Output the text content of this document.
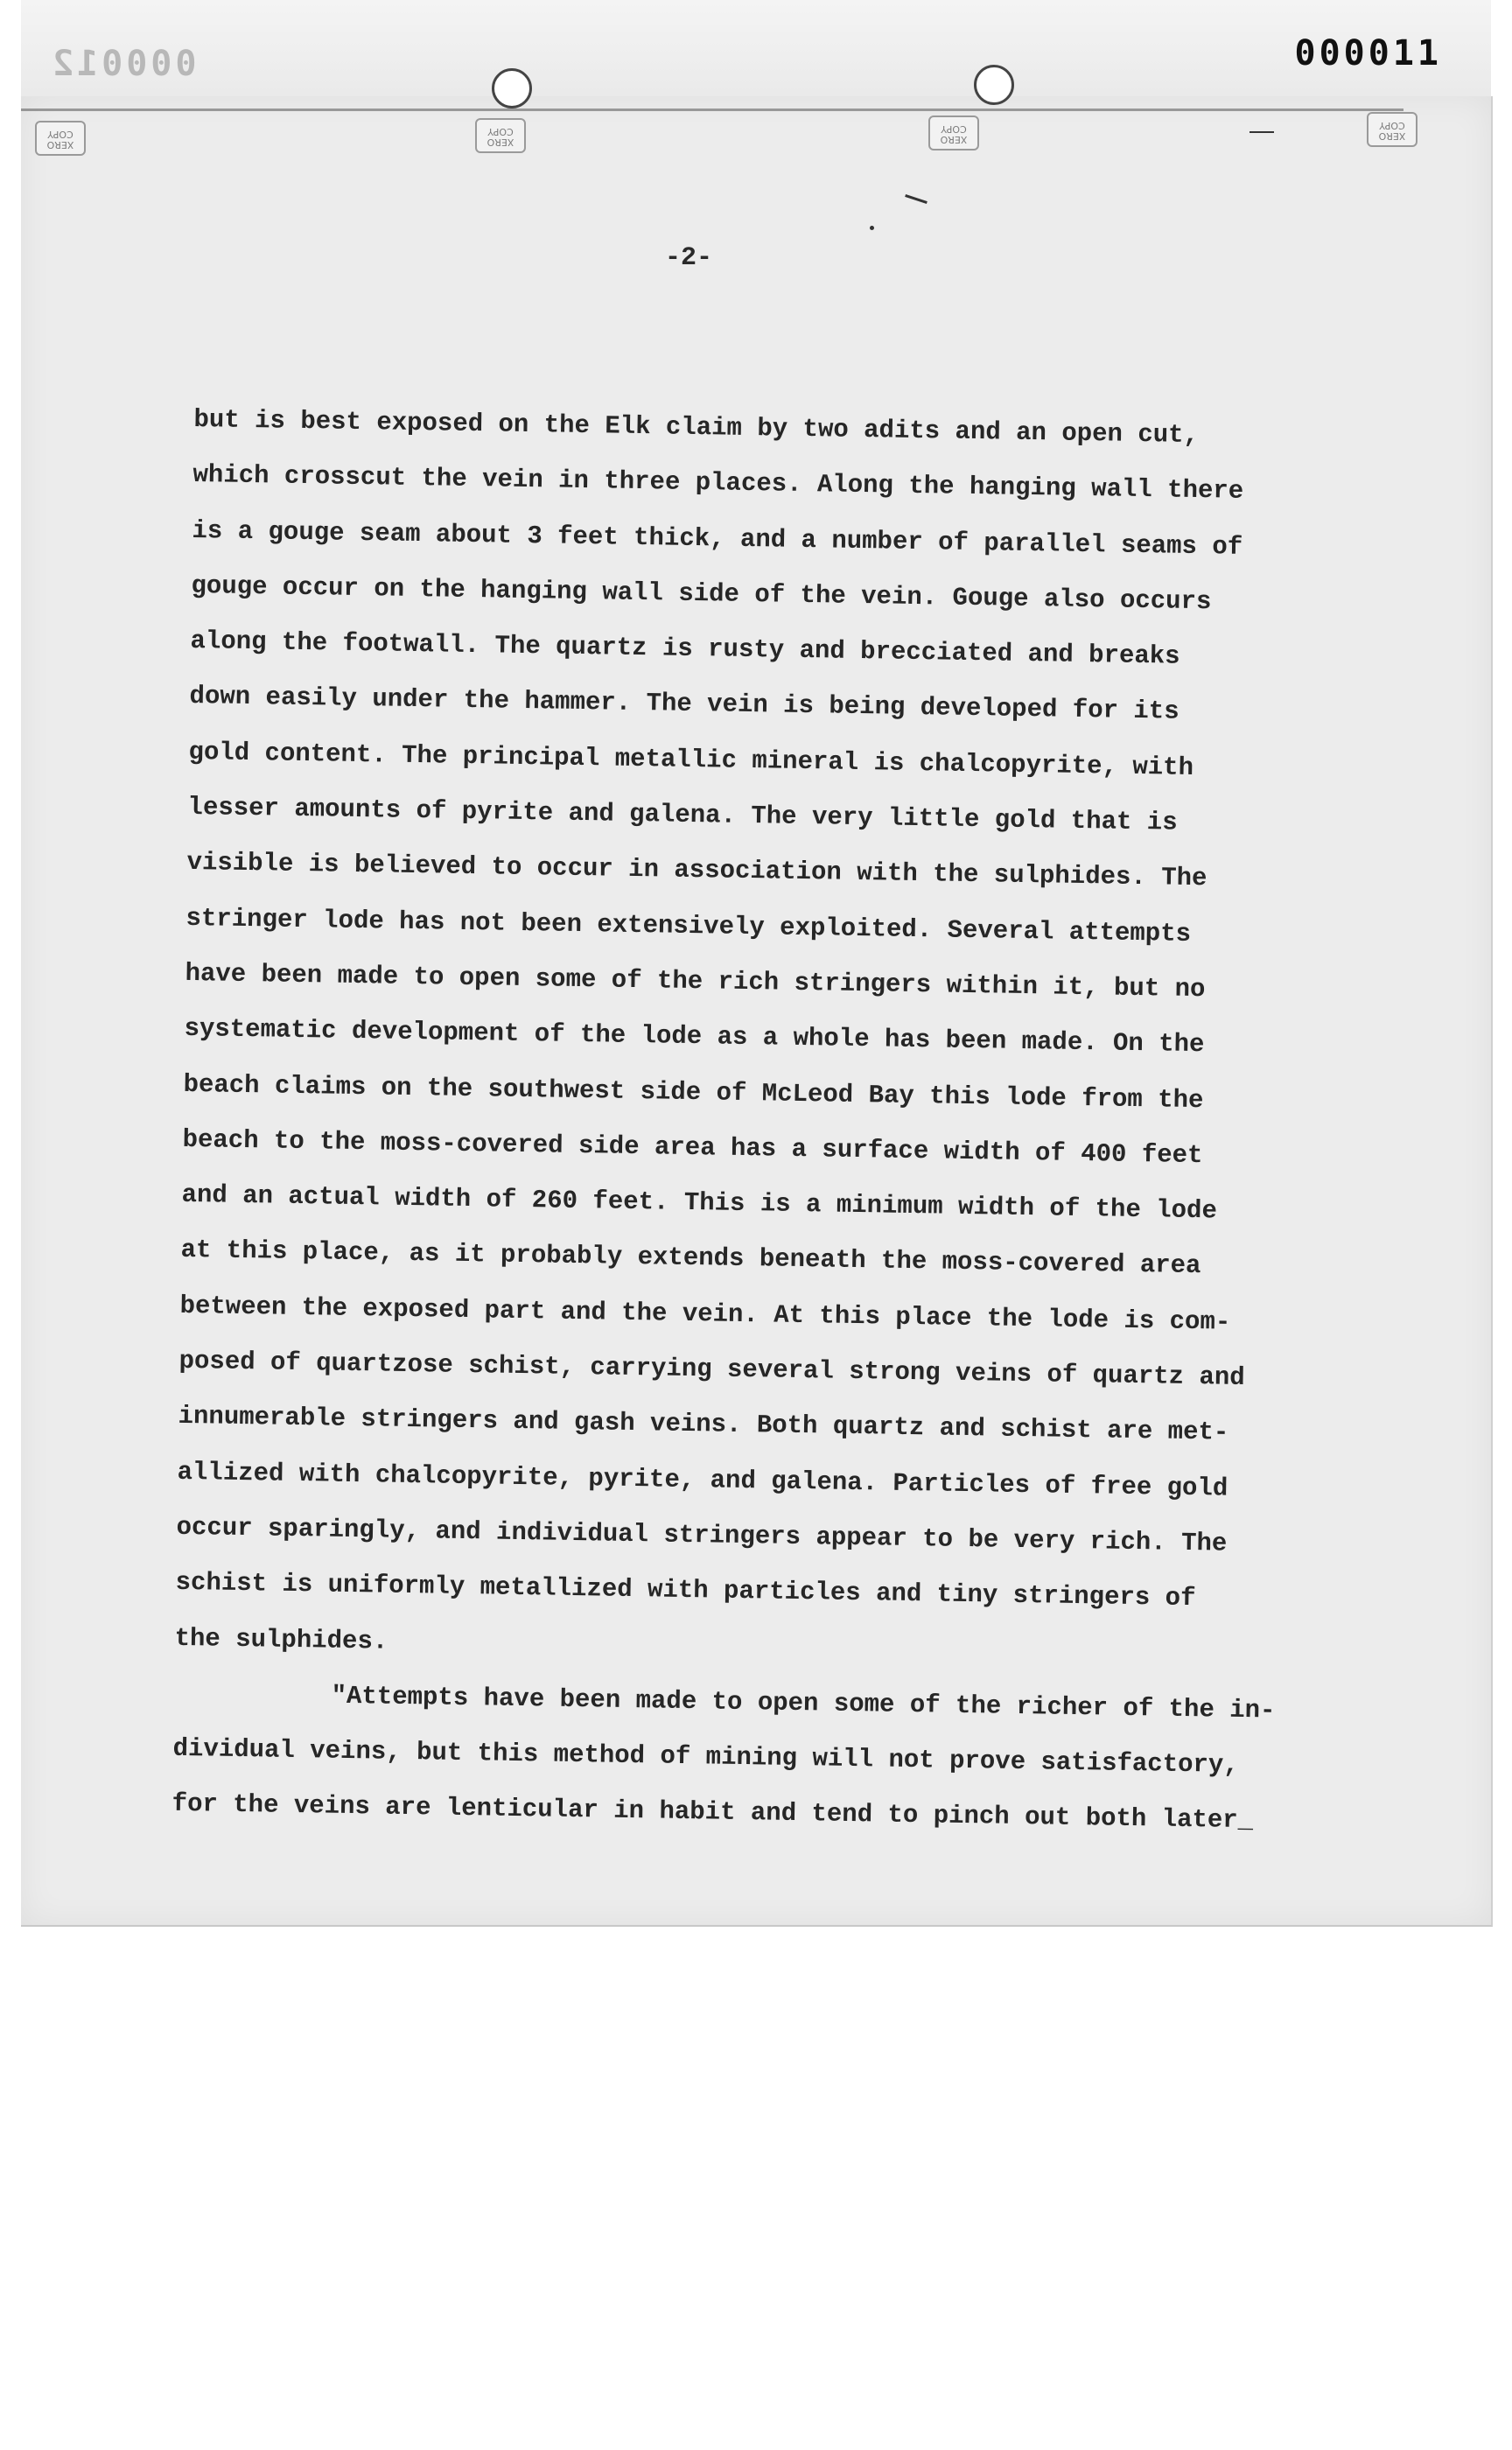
000012	000011
XERO
COPY
XERO
COPY
XERO
COPY
XERO
COPY
-2-
but is best exposed on the Elk claim by two adits and an open cut,
which crosscut the vein in three places. Along the hanging wall there
is a gouge seam about 3 feet thick, and a number of parallel seams of
gouge occur on the hanging wall side of the vein. Gouge also occurs
along the footwall. The quartz is rusty and brecciated and breaks
down easily under the hammer. The vein is being developed for its
gold content. The principal metallic mineral is chalcopyrite, with
lesser amounts of pyrite and galena. The very little gold that is
visible is believed to occur in association with the sulphides. The
stringer lode has not been extensively exploited. Several attempts
have been made to open some of the rich stringers within it, but no
systematic development of the lode as a whole has been made. On the
beach claims on the southwest side of McLeod Bay this lode from the
beach to the moss-covered side area has a surface width of 400 feet
and an actual width of 260 feet. This is a minimum width of the lode
at this place, as it probably extends beneath the moss-covered area
between the exposed part and the vein. At this place the lode is com-
posed of quartzose schist, carrying several strong veins of quartz and
innumerable stringers and gash veins. Both quartz and schist are met-
allized with chalcopyrite, pyrite, and galena. Particles of free gold
occur sparingly, and individual stringers appear to be very rich. The
schist is uniformly metallized with particles and tiny stringers of
the sulphides.
"Attempts have been made to open some of the richer of the in-
dividual veins, but this method of mining will not prove satisfactory,
for the veins are lenticular in habit and tend to pinch out both later_
